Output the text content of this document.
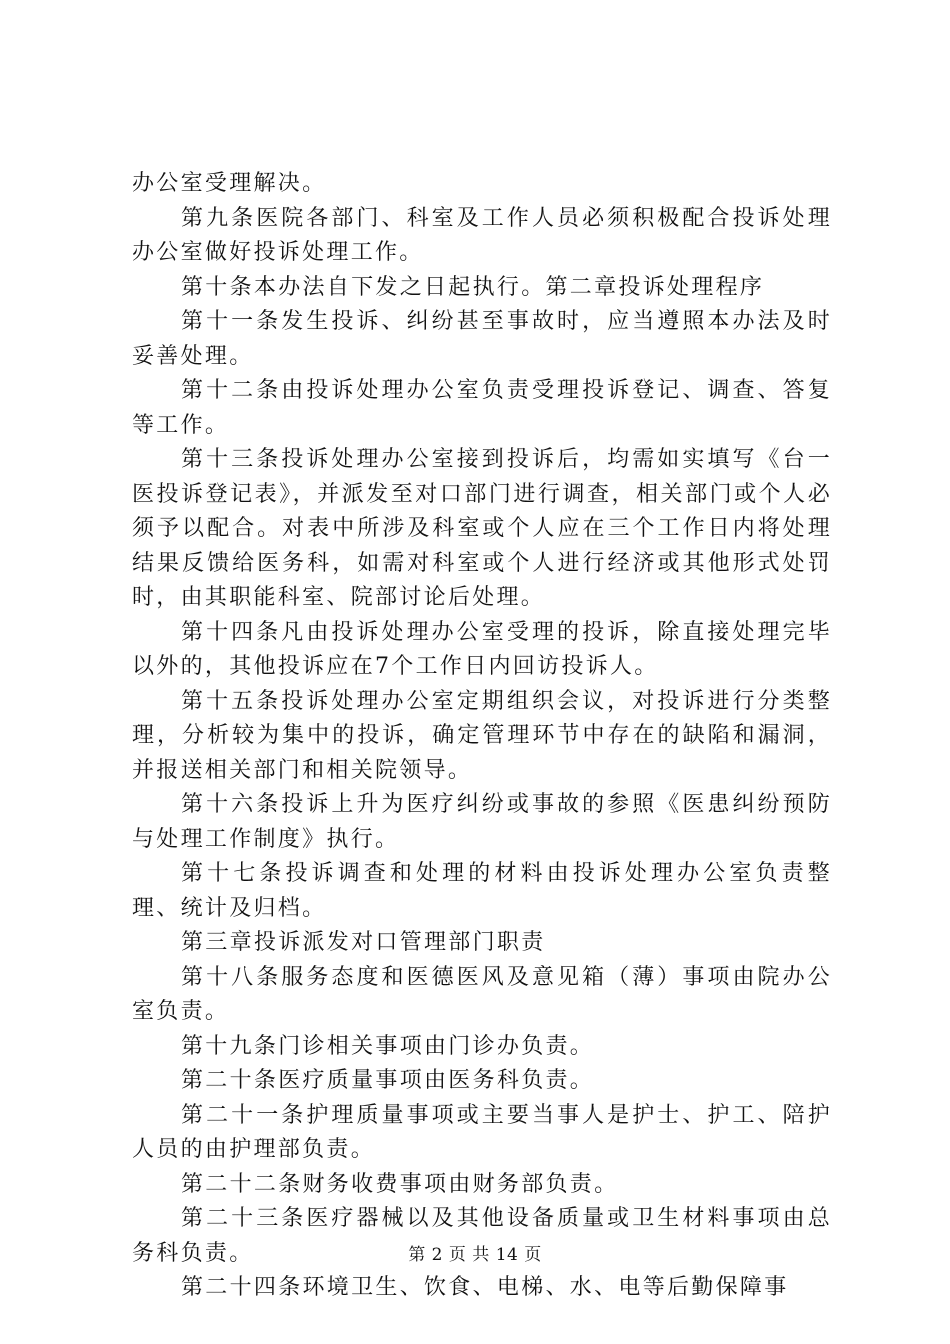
办公室受理解决。

第九条医院各部门、科室及工作人员必须积极配合投诉处理办公室做好投诉处理工作。

第十条本办法自下发之日起执行。第二章投诉处理程序

第十一条发生投诉、纠纷甚至事故时，应当遵照本办法及时妥善处理。

第十二条由投诉处理办公室负责受理投诉登记、调查、答复等工作。

第十三条投诉处理办公室接到投诉后，均需如实填写《台一医投诉登记表》，并派发至对口部门进行调查，相关部门或个人必须予以配合。对表中所涉及科室或个人应在三个工作日内将处理结果反馈给医务科，如需对科室或个人进行经济或其他形式处罚时，由其职能科室、院部讨论后处理。

第十四条凡由投诉处理办公室受理的投诉，除直接处理完毕以外的，其他投诉应在7个工作日内回访投诉人。

第十五条投诉处理办公室定期组织会议，对投诉进行分类整理，分析较为集中的投诉，确定管理环节中存在的缺陷和漏洞，并报送相关部门和相关院领导。

第十六条投诉上升为医疗纠纷或事故的参照《医患纠纷预防与处理工作制度》执行。

第十七条投诉调查和处理的材料由投诉处理办公室负责整理、统计及归档。

第三章投诉派发对口管理部门职责

第十八条服务态度和医德医风及意见箱（薄）事项由院办公室负责。

第十九条门诊相关事项由门诊办负责。

第二十条医疗质量事项由医务科负责。

第二十一条护理质量事项或主要当事人是护士、护工、陪护人员的由护理部负责。

第二十二条财务收费事项由财务部负责。

第二十三条医疗器械以及其他设备质量或卫生材料事项由总务科负责。

第二十四条环境卫生、饮食、电梯、水、电等后勤保障事

第 2 页 共 14 页
